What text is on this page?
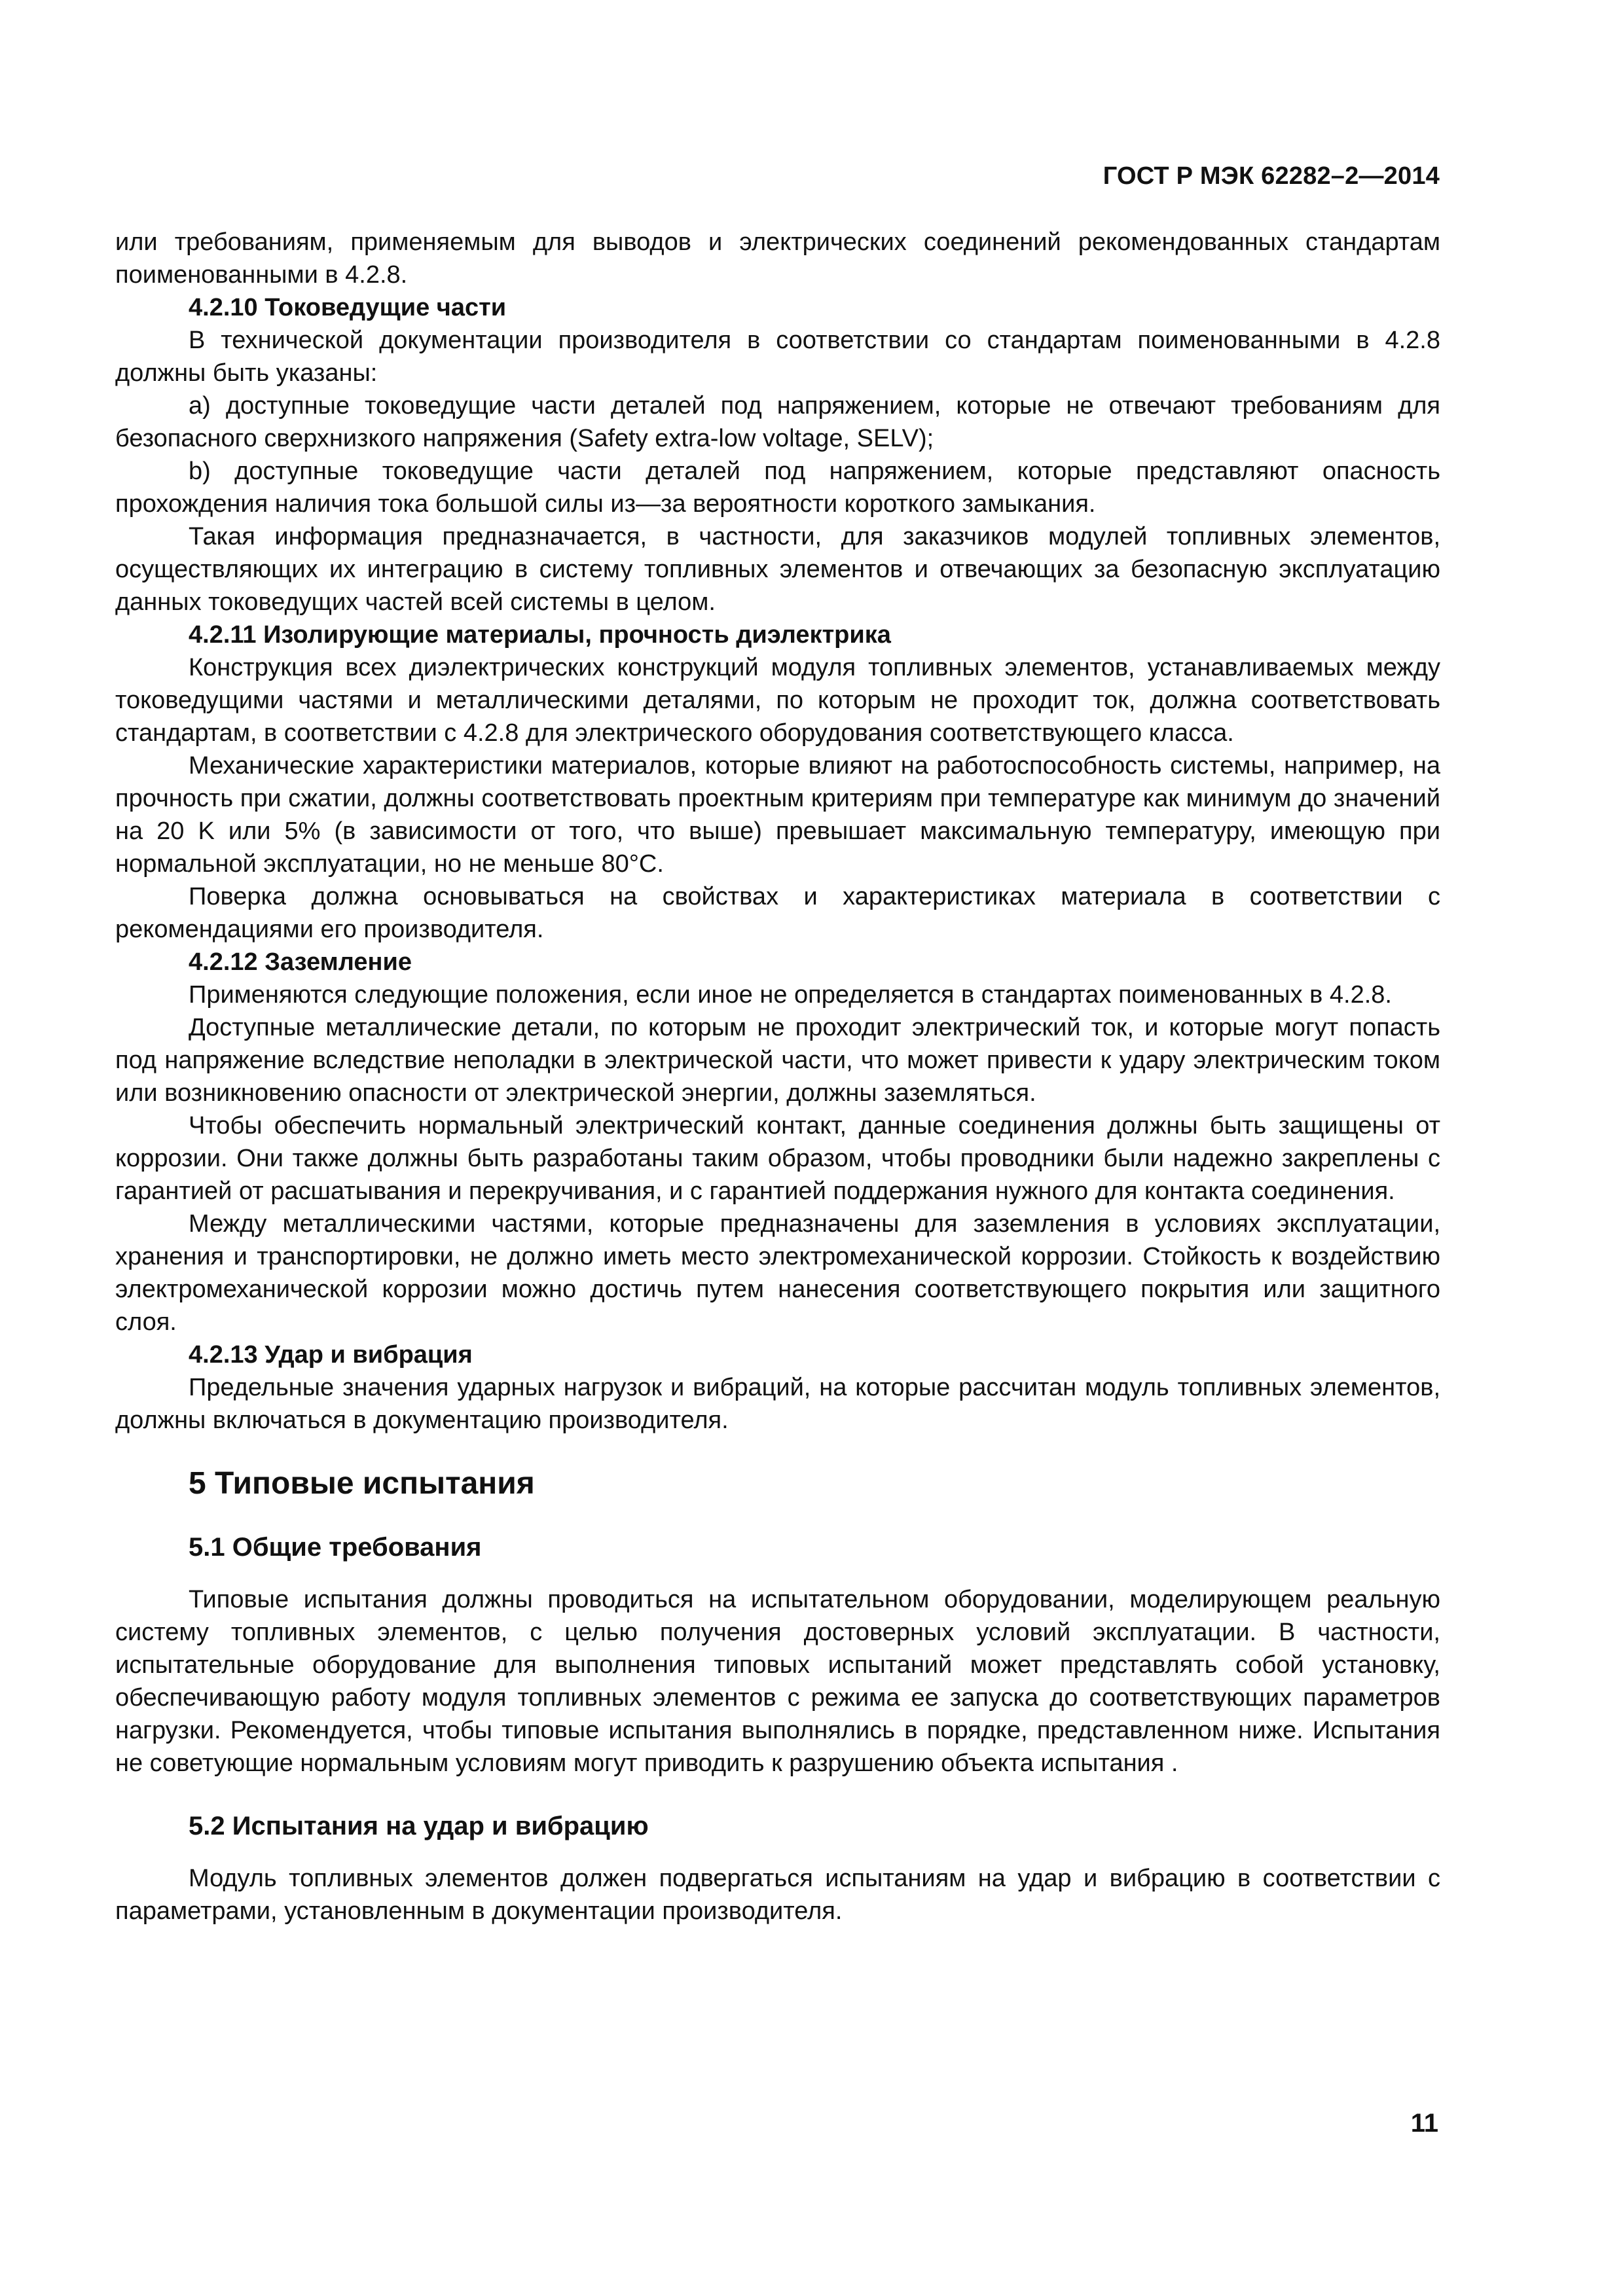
ГОСТ Р МЭК 62282–2—2014

или требованиям, применяемым для выводов и электрических соединений рекомендованных стандартам поименованными в 4.2.8.

4.2.10 Токоведущие части

В технической документации производителя в соответствии со стандартам поименованными в 4.2.8 должны быть указаны:

a) доступные токоведущие части деталей под напряжением, которые не отвечают требованиям для безопасного сверхнизкого напряжения (Safety extra-low voltage, SELV);

b) доступные токоведущие части деталей под напряжением, которые представляют опасность прохождения наличия тока большой силы из—за вероятности короткого замыкания.

Такая информация предназначается, в частности, для заказчиков модулей топливных элементов, осуществляющих их интеграцию в систему топливных элементов и отвечающих за безопасную эксплуатацию данных токоведущих частей всей системы в целом.

4.2.11 Изолирующие материалы, прочность диэлектрика

Конструкция всех диэлектрических конструкций модуля топливных элементов, устанавливаемых между токоведущими частями и металлическими деталями, по которым не проходит ток, должна соответствовать стандартам, в соответствии с 4.2.8 для электрического оборудования соответствующего класса.

Механические характеристики материалов, которые влияют на работоспособность системы, например, на прочность при сжатии, должны соответствовать проектным критериям при температуре как минимум до значений на 20 K или 5% (в зависимости от того, что выше) превышает максимальную температуру, имеющую при нормальной эксплуатации, но не меньше 80°C.

Поверка должна основываться на свойствах и характеристиках материала в соответствии с рекомендациями его производителя.

4.2.12 Заземление

Применяются следующие положения, если иное не определяется в стандартах поименованных в 4.2.8.

Доступные металлические детали, по которым не проходит электрический ток, и которые могут попасть под напряжение вследствие неполадки в электрической части, что может привести к удару электрическим током или возникновению опасности от электрической энергии, должны заземляться.

Чтобы обеспечить нормальный электрический контакт, данные соединения должны быть защищены от коррозии. Они также должны быть разработаны таким образом, чтобы проводники были надежно закреплены с гарантией от расшатывания и перекручивания, и с гарантией поддержания нужного для контакта соединения.

Между металлическими частями, которые предназначены для заземления в условиях эксплуатации, хранения и транспортировки, не должно иметь место электромеханической коррозии. Стойкость к воздействию электромеханической коррозии можно достичь путем нанесения соответствующего покрытия или защитного слоя.

4.2.13 Удар и вибрация

Предельные значения ударных нагрузок и вибраций, на которые рассчитан модуль топливных элементов, должны включаться в документацию производителя.

5 Типовые испытания
5.1 Общие требования

Типовые испытания должны проводиться на испытательном оборудовании, моделирующем реальную систему топливных элементов, с целью получения достоверных условий эксплуатации. В частности, испытательные оборудование для выполнения типовых испытаний может представлять собой установку, обеспечивающую работу модуля топливных элементов с режима ее запуска до соответствующих параметров нагрузки. Рекомендуется, чтобы типовые испытания выполнялись в порядке, представленном ниже. Испытания не советующие нормальным условиям могут приводить к разрушению объекта испытания .

5.2 Испытания на удар и вибрацию

Модуль топливных элементов должен подвергаться испытаниям на удар и вибрацию в соответствии с параметрами, установленным в документации производителя.

11
